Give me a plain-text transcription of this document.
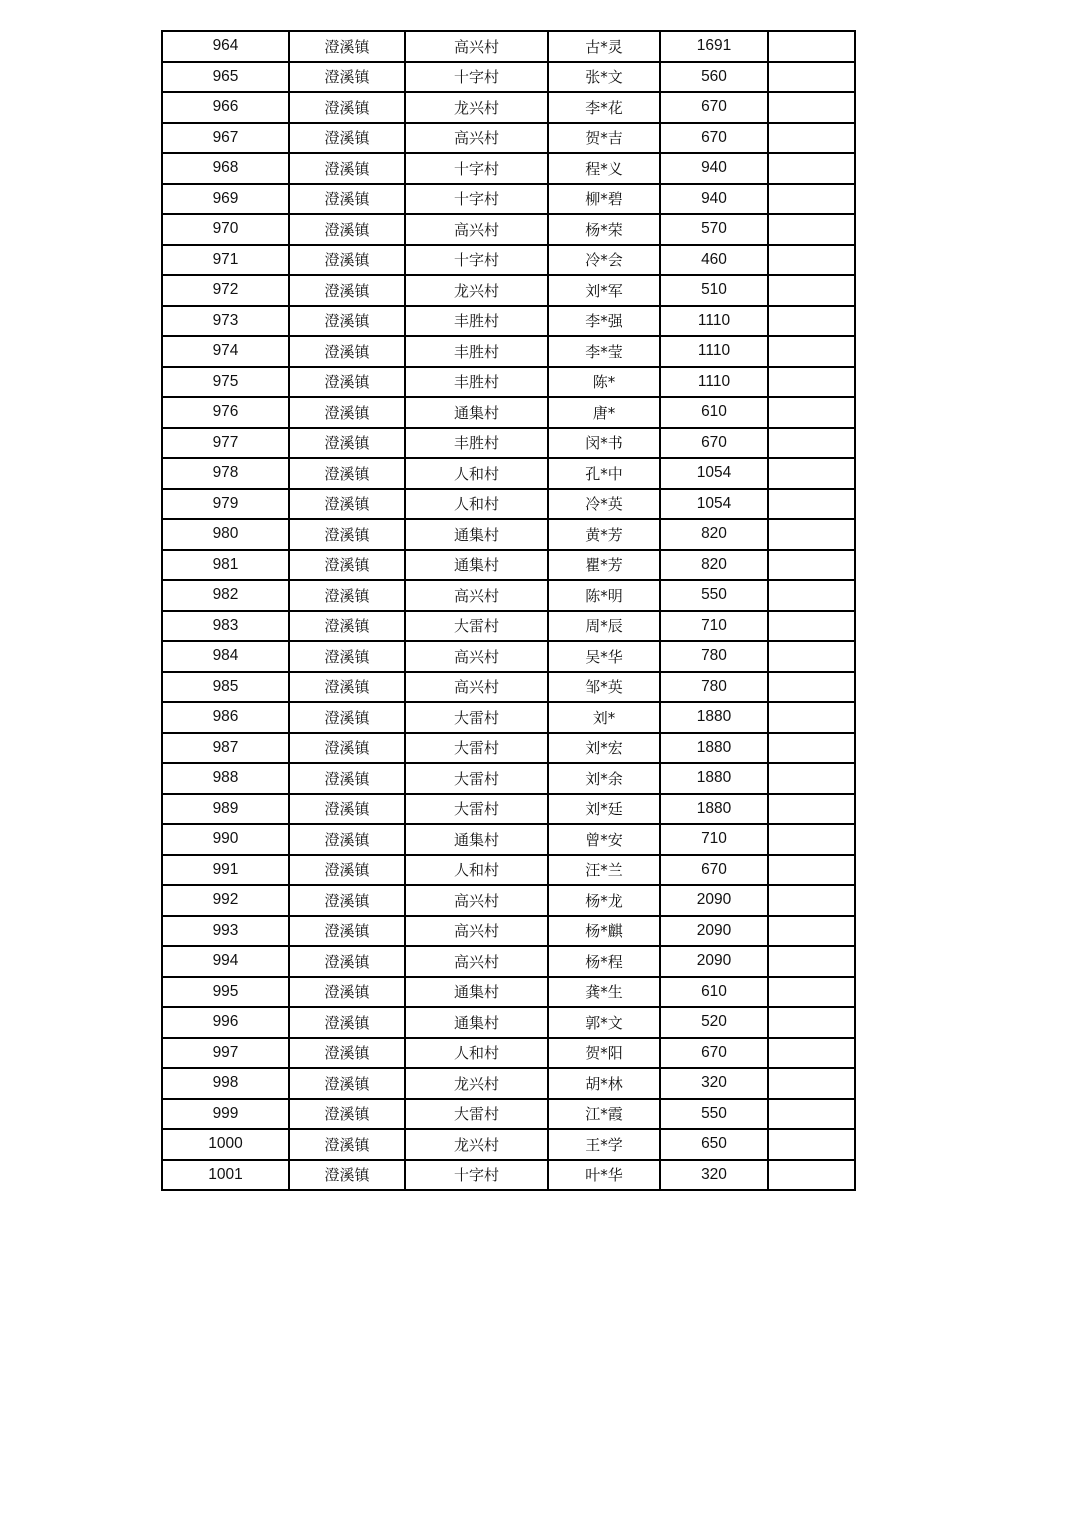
964	澄溪镇	高兴村	古*灵	1691	
965	澄溪镇	十字村	张*文	560	
966	澄溪镇	龙兴村	李*花	670	
967	澄溪镇	高兴村	贺*吉	670	
968	澄溪镇	十字村	程*义	940	
969	澄溪镇	十字村	柳*碧	940	
970	澄溪镇	高兴村	杨*荣	570	
971	澄溪镇	十字村	冷*会	460	
972	澄溪镇	龙兴村	刘*军	510	
973	澄溪镇	丰胜村	李*强	1110	
974	澄溪镇	丰胜村	李*莹	1110	
975	澄溪镇	丰胜村	陈*	1110	
976	澄溪镇	通集村	唐*	610	
977	澄溪镇	丰胜村	闵*书	670	
978	澄溪镇	人和村	孔*中	1054	
979	澄溪镇	人和村	冷*英	1054	
980	澄溪镇	通集村	黄*芳	820	
981	澄溪镇	通集村	瞿*芳	820	
982	澄溪镇	高兴村	陈*明	550	
983	澄溪镇	大雷村	周*辰	710	
984	澄溪镇	高兴村	吴*华	780	
985	澄溪镇	高兴村	邹*英	780	
986	澄溪镇	大雷村	刘*	1880	
987	澄溪镇	大雷村	刘*宏	1880	
988	澄溪镇	大雷村	刘*余	1880	
989	澄溪镇	大雷村	刘*廷	1880	
990	澄溪镇	通集村	曾*安	710	
991	澄溪镇	人和村	汪*兰	670	
992	澄溪镇	高兴村	杨*龙	2090	
993	澄溪镇	高兴村	杨*麒	2090	
994	澄溪镇	高兴村	杨*程	2090	
995	澄溪镇	通集村	龚*生	610	
996	澄溪镇	通集村	郭*文	520	
997	澄溪镇	人和村	贺*阳	670	
998	澄溪镇	龙兴村	胡*林	320	
999	澄溪镇	大雷村	江*霞	550	
1000	澄溪镇	龙兴村	王*学	650	
1001	澄溪镇	十字村	叶*华	320	
